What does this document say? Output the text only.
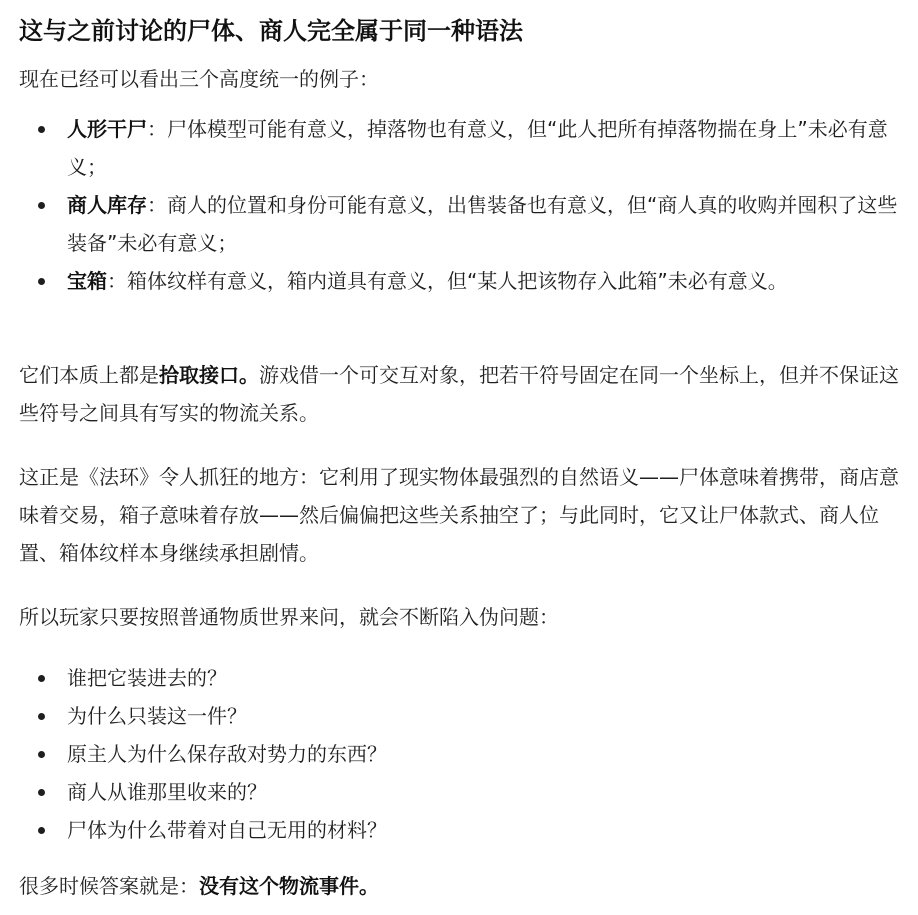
这与之前讨论的尸体、商人完全属于同一种语法

现在已经可以看出三个高度统一的例子：

人形干尸：尸体模型可能有意义，掉落物也有意义，但“此人把所有掉落物揣在身上”未必有意义；
商人库存：商人的位置和身份可能有意义，出售装备也有意义，但“商人真的收购并囤积了这些装备”未必有意义；
宝箱：箱体纹样有意义，箱内道具有意义，但“某人把该物存入此箱”未必有意义。

它们本质上都是拾取接口。游戏借一个可交互对象，把若干符号固定在同一个坐标上，但并不保证这些符号之间具有写实的物流关系。

这正是《法环》令人抓狂的地方：它利用了现实物体最强烈的自然语义——尸体意味着携带，商店意味着交易，箱子意味着存放——然后偏偏把这些关系抽空了；与此同时，它又让尸体款式、商人位置、箱体纹样本身继续承担剧情。

所以玩家只要按照普通物质世界来问，就会不断陷入伪问题：

谁把它装进去的？
为什么只装这一件？
原主人为什么保存敌对势力的东西？
商人从谁那里收来的？
尸体为什么带着对自己无用的材料？

很多时候答案就是：没有这个物流事件。
